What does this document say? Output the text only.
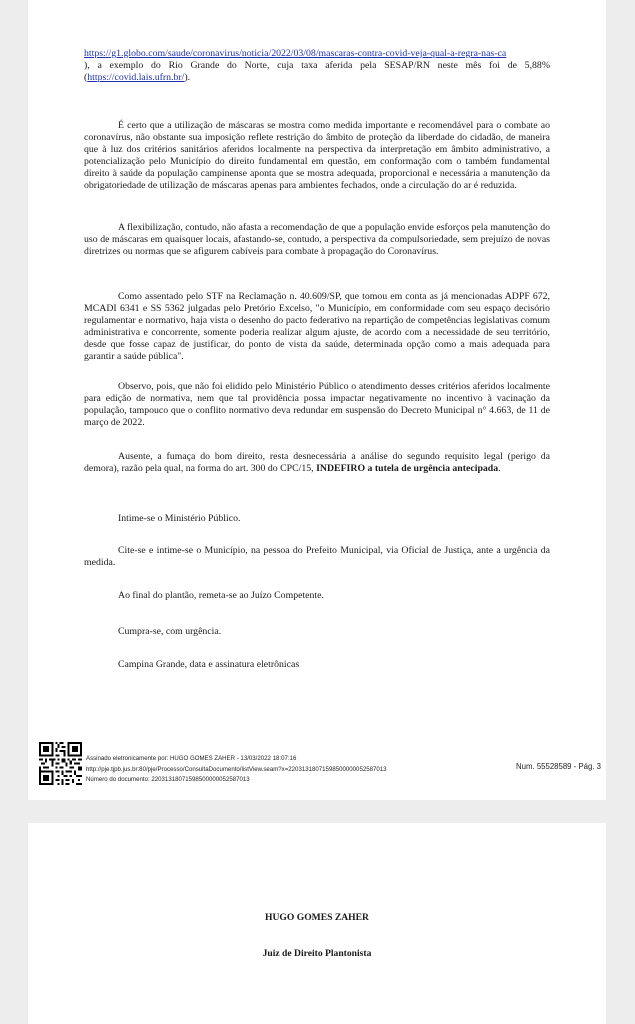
https://g1.globo.com/saude/coronavirus/noticia/2022/03/08/mascaras-contra-covid-veja-qual-a-regra-nas-ca
), a exemplo do Rio Grande do Norte, cuja taxa aferida pela SESAP/RN neste mês foi de 5,88% (https://covid.lais.ufrn.br/).

É certo que a utilização de máscaras se mostra como medida importante e recomendável para o combate ao coronavírus, não obstante sua imposição reflete restrição do âmbito de proteção da liberdade do cidadão, de maneira que à luz dos critérios sanitários aferidos localmente na perspectiva da interpretação em âmbito administrativo, a potencialização pelo Município do direito fundamental em questão, em conformação com o também fundamental direito à saúde da população campinense aponta que se mostra adequada, proporcional e necessária a manutenção da obrigatoriedade de utilização de máscaras apenas para ambientes fechados, onde a circulação do ar é reduzida.

A flexibilização, contudo, não afasta a recomendação de que a população envide esforços pela manutenção do uso de máscaras em quaisquer locais, afastando-se, contudo, a perspectiva da compulsoriedade, sem prejuízo de novas diretrizes ou normas que se afigurem cabíveis para combate à propagação do Coronavírus.

Como assentado pelo STF na Reclamação n. 40.609/SP, que tomou em conta as já mencionadas ADPF 672, MCADI 6341 e SS 5362 julgadas pelo Pretório Excelso, "o Município, em conformidade com seu espaço decisório regulamentar e normativo, haja vista o desenho do pacto federativo na repartição de competências legislativas comum administrativa e concorrente, somente poderia realizar algum ajuste, de acordo com a necessidade de seu território, desde que fosse capaz de justificar, do ponto de vista da saúde, determinada opção como a mais adequada para garantir a saúde pública".

Observo, pois, que não foi elidido pelo Ministério Público o atendimento desses critérios aferidos localmente para edição de normativa, nem que tal providência possa impactar negativamente no incentivo à vacinação da população, tampouco que o conflito normativo deva redundar em suspensão do Decreto Municipal n° 4.663, de 11 de março de 2022.

Ausente, a fumaça do bom direito, resta desnecessária a análise do segundo requisito legal (perigo da demora), razão pela qual, na forma do art. 300 do CPC/15, INDEFIRO a tutela de urgência antecipada.

Intime-se o Ministério Público.

Cite-se e intime-se o Município, na pessoa do Prefeito Municipal, via Oficial de Justiça, ante a urgência da medida.

Ao final do plantão, remeta-se ao Juízo Competente.

Cumpra-se, com urgência.

Campina Grande, data e assinatura eletrônicas

Assinado eletronicamente por: HUGO GOMES ZAHER - 13/03/2022 18:07:16
http://pje.tjpb.jus.br:80/pje/Processo/ConsultaDocumento/listView.seam?x=22031318071598500000052587013
Número do documento: 22031318071598500000052587013
Num. 55528589 - Pág. 3
HUGO GOMES ZAHER
Juiz de Direito Plantonista
